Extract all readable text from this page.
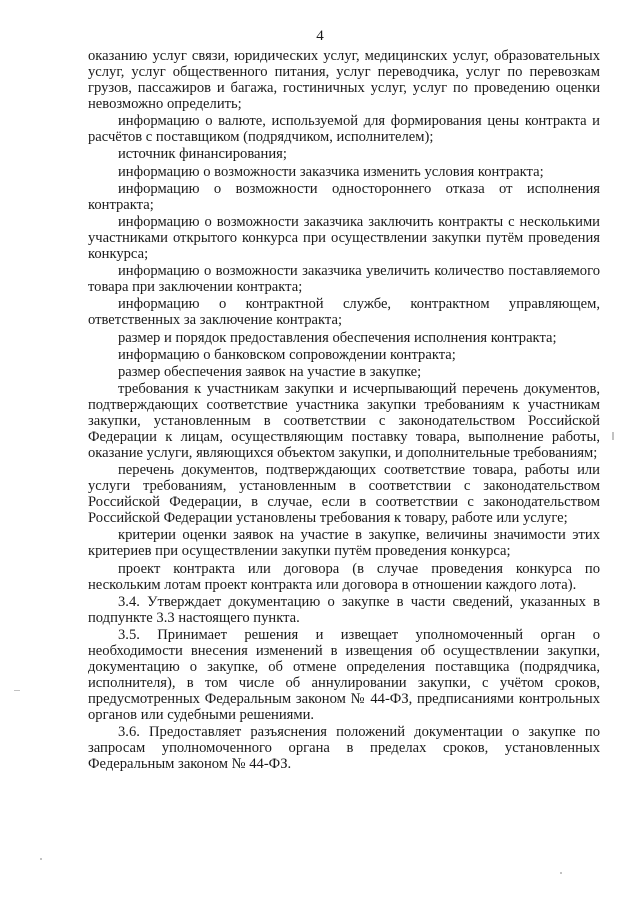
4

оказанию услуг связи, юридических услуг, медицинских услуг, образовательных услуг, услуг общественного питания, услуг переводчика, услуг по перевозкам грузов, пассажиров и багажа, гостиничных услуг, услуг по проведению оценки невозможно определить;

информацию о валюте, используемой для формирования цены контракта и расчётов с поставщиком (подрядчиком, исполнителем);

источник финансирования;

информацию о возможности заказчика изменить условия контракта;

информацию о возможности одностороннего отказа от исполнения контракта;

информацию о возможности заказчика заключить контракты с несколькими участниками открытого конкурса при осуществлении закупки путём проведения конкурса;

информацию о возможности заказчика увеличить количество поставляемого товара при заключении контракта;

информацию о контрактной службе, контрактном управляющем, ответственных за заключение контракта;

размер и порядок предоставления обеспечения исполнения контракта;

информацию о банковском сопровождении контракта;

размер обеспечения заявок на участие в закупке;

требования к участникам закупки и исчерпывающий перечень документов, подтверждающих соответствие участника закупки требованиям к участникам закупки, установленным в соответствии с законодательством Российской Федерации к лицам, осуществляющим поставку товара, выполнение работы, оказание услуги, являющихся объектом закупки, и дополнительные требованиям;

перечень документов, подтверждающих соответствие товара, работы или услуги требованиям, установленным в соответствии с законодательством Российской Федерации, в случае, если в соответствии с законодательством Российской Федерации установлены требования к товару, работе или услуге;

критерии оценки заявок на участие в закупке, величины значимости этих критериев при осуществлении закупки путём проведения конкурса;

проект контракта или договора (в случае проведения конкурса по нескольким лотам проект контракта или договора в отношении каждого лота).

3.4. Утверждает документацию о закупке в части сведений, указанных в подпункте 3.3 настоящего пункта.

3.5. Принимает решения и извещает уполномоченный орган о необходимости внесения изменений в извещения об осуществлении закупки, документацию о закупке, об отмене определения поставщика (подрядчика, исполнителя), в том числе об аннулировании закупки, с учётом сроков, предусмотренных Федеральным законом № 44-ФЗ, предписаниями контрольных органов или судебными решениями.

3.6. Предоставляет разъяснения положений документации о закупке по запросам уполномоченного органа в пределах сроков, установленных Федеральным законом № 44-ФЗ.
